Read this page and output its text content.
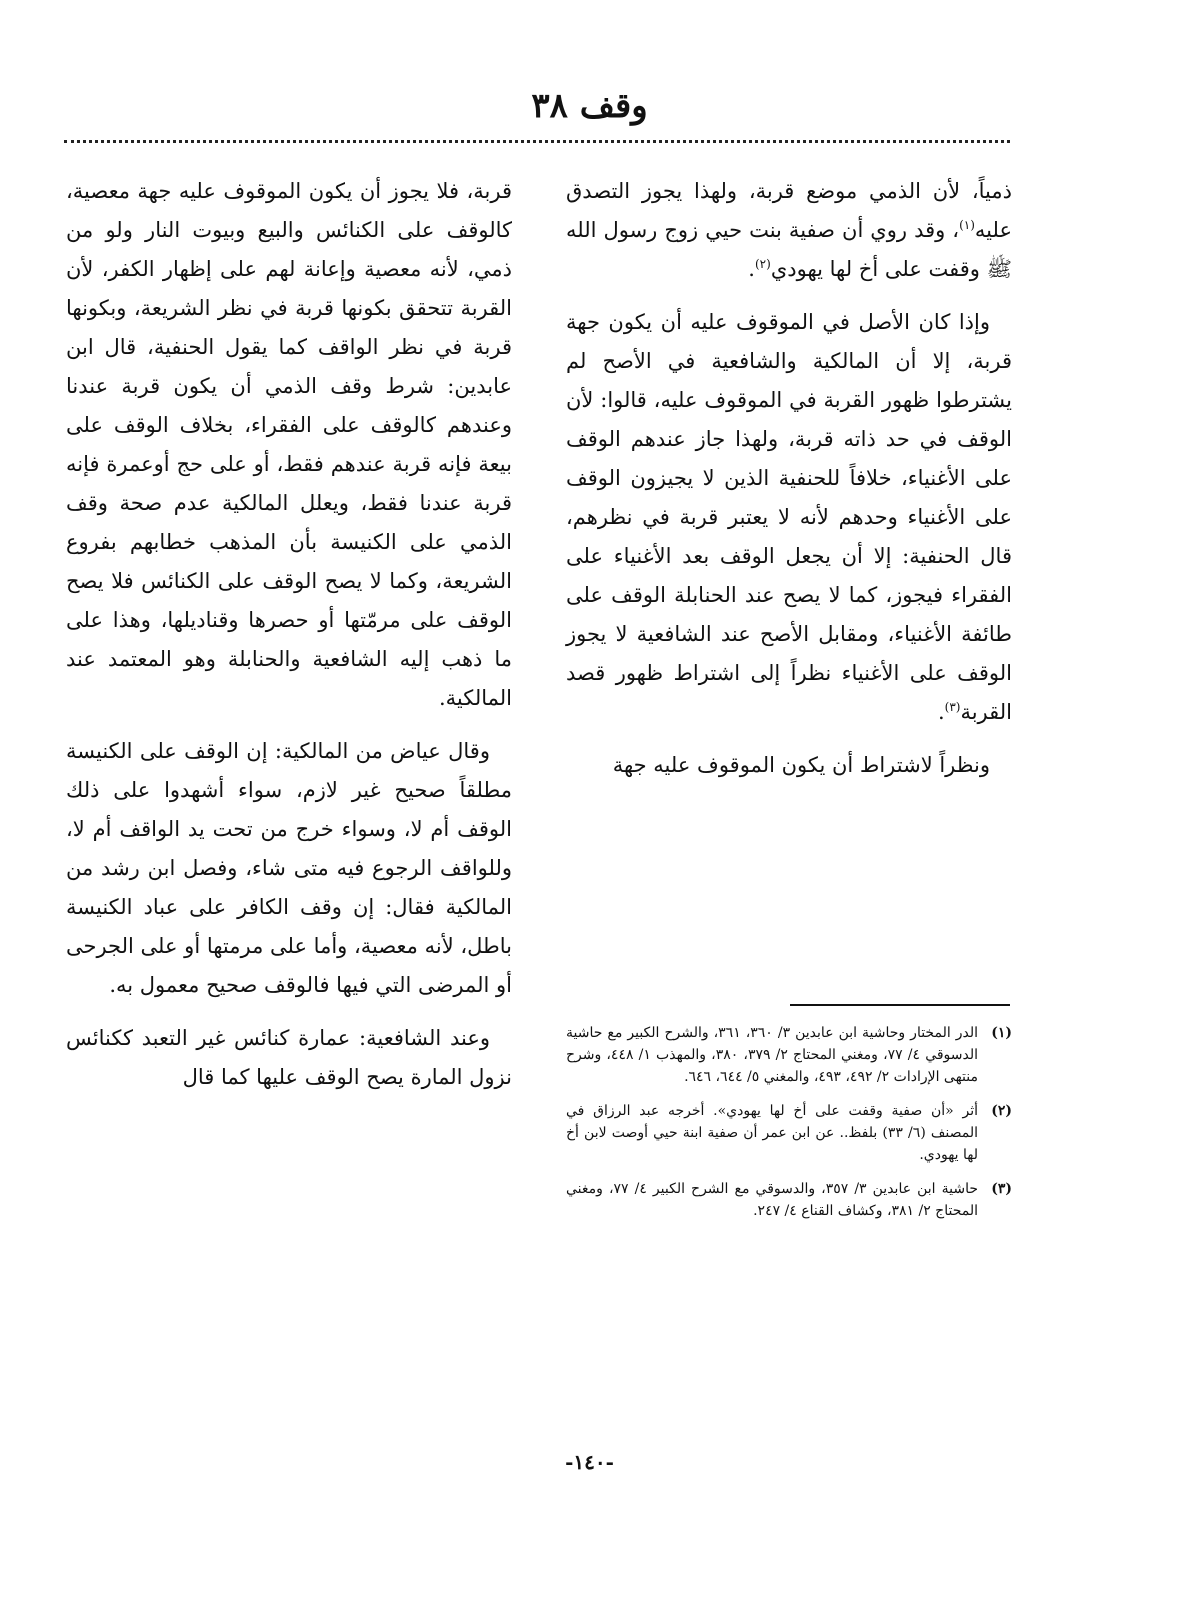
وقف ٣٨

ذمياً، لأن الذمي موضع قربة، ولهذا يجوز التصدق عليه$^{(١)}$، وقد روي أن صفية بنت حيي زوج رسول الله ﷺ وقفت على أخ لها يهودي$^{(٢)}$.

وإذا كان الأصل في الموقوف عليه أن يكون جهة قربة، إلا أن المالكية والشافعية في الأصح لم يشترطوا ظهور القربة في الموقوف عليه، قالوا: لأن الوقف في حد ذاته قربة، ولهذا جاز عندهم الوقف على الأغنياء، خلافاً للحنفية الذين لا يجيزون الوقف على الأغنياء وحدهم لأنه لا يعتبر قربة في نظرهم، قال الحنفية: إلا أن يجعل الوقف بعد الأغنياء على الفقراء فيجوز، كما لا يصح عند الحنابلة الوقف على طائفة الأغنياء، ومقابل الأصح عند الشافعية لا يجوز الوقف على الأغنياء نظراً إلى اشتراط ظهور قصد القربة$^{(٣)}$.

ونظراً لاشتراط أن يكون الموقوف عليه جهة

قربة، فلا يجوز أن يكون الموقوف عليه جهة معصية، كالوقف على الكنائس والبيع وبيوت النار ولو من ذمي، لأنه معصية وإعانة لهم على إظهار الكفر، لأن القربة تتحقق بكونها قربة في نظر الشريعة، وبكونها قربة في نظر الواقف كما يقول الحنفية، قال ابن عابدين: شرط وقف الذمي أن يكون قربة عندنا وعندهم كالوقف على الفقراء، بخلاف الوقف على بيعة فإنه قربة عندهم فقط، أو على حج أوعمرة فإنه قربة عندنا فقط، ويعلل المالكية عدم صحة وقف الذمي على الكنيسة بأن المذهب خطابهم بفروع الشريعة، وكما لا يصح الوقف على الكنائس فلا يصح الوقف على مرمّتها أو حصرها وقناديلها، وهذا على ما ذهب إليه الشافعية والحنابلة وهو المعتمد عند المالكية.

وقال عياض من المالكية: إن الوقف على الكنيسة مطلقاً صحيح غير لازم، سواء أشهدوا على ذلك الوقف أم لا، وسواء خرج من تحت يد الواقف أم لا، وللواقف الرجوع فيه متى شاء، وفصل ابن رشد من المالكية فقال: إن وقف الكافر على عباد الكنيسة باطل، لأنه معصية، وأما على مرمتها أو على الجرحى أو المرضى التي فيها فالوقف صحيح معمول به.

وعند الشافعية: عمارة كنائس غير التعبد ككنائس نزول المارة يصح الوقف عليها كما قال

(١)
الدر المختار وحاشية ابن عابدين ٣/ ٣٦٠، ٣٦١، والشرح الكبير مع حاشية الدسوقي ٤/ ٧٧، ومغني المحتاج ٢/ ٣٧٩، ٣٨٠، والمهذب ١/ ٤٤٨، وشرح منتهى الإرادات ٢/ ٤٩٢، ٤٩٣، والمغني ٥/ ٦٤٤، ٦٤٦.
(٢)
أثر «أن صفية وقفت على أخ لها يهودي». أخرجه عبد الرزاق في المصنف (٦/ ٣٣) بلفظ.. عن ابن عمر أن صفية ابنة حيي أوصت لابن أخ لها يهودي.
(٣)
حاشية ابن عابدين ٣/ ٣٥٧، والدسوقي مع الشرح الكبير ٤/ ٧٧، ومغني المحتاج ٢/ ٣٨١، وكشاف القناع ٤/ ٢٤٧.
-١٤٠-
